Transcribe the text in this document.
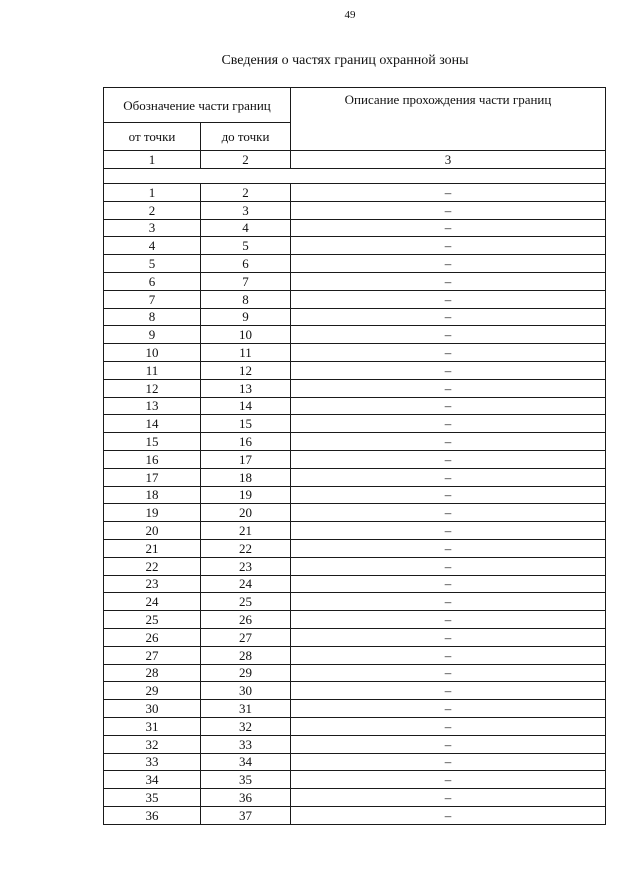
49
Сведения о частях границ охранной зоны
Обозначение части границ		Описание прохождения части границ
от точки	до точки	
1	2	3

1	2	–
2	3	–
3	4	–
4	5	–
5	6	–
6	7	–
7	8	–
8	9	–
9	10	–
10	11	–
11	12	–
12	13	–
13	14	–
14	15	–
15	16	–
16	17	–
17	18	–
18	19	–
19	20	–
20	21	–
21	22	–
22	23	–
23	24	–
24	25	–
25	26	–
26	27	–
27	28	–
28	29	–
29	30	–
30	31	–
31	32	–
32	33	–
33	34	–
34	35	–
35	36	–
36	37	–
